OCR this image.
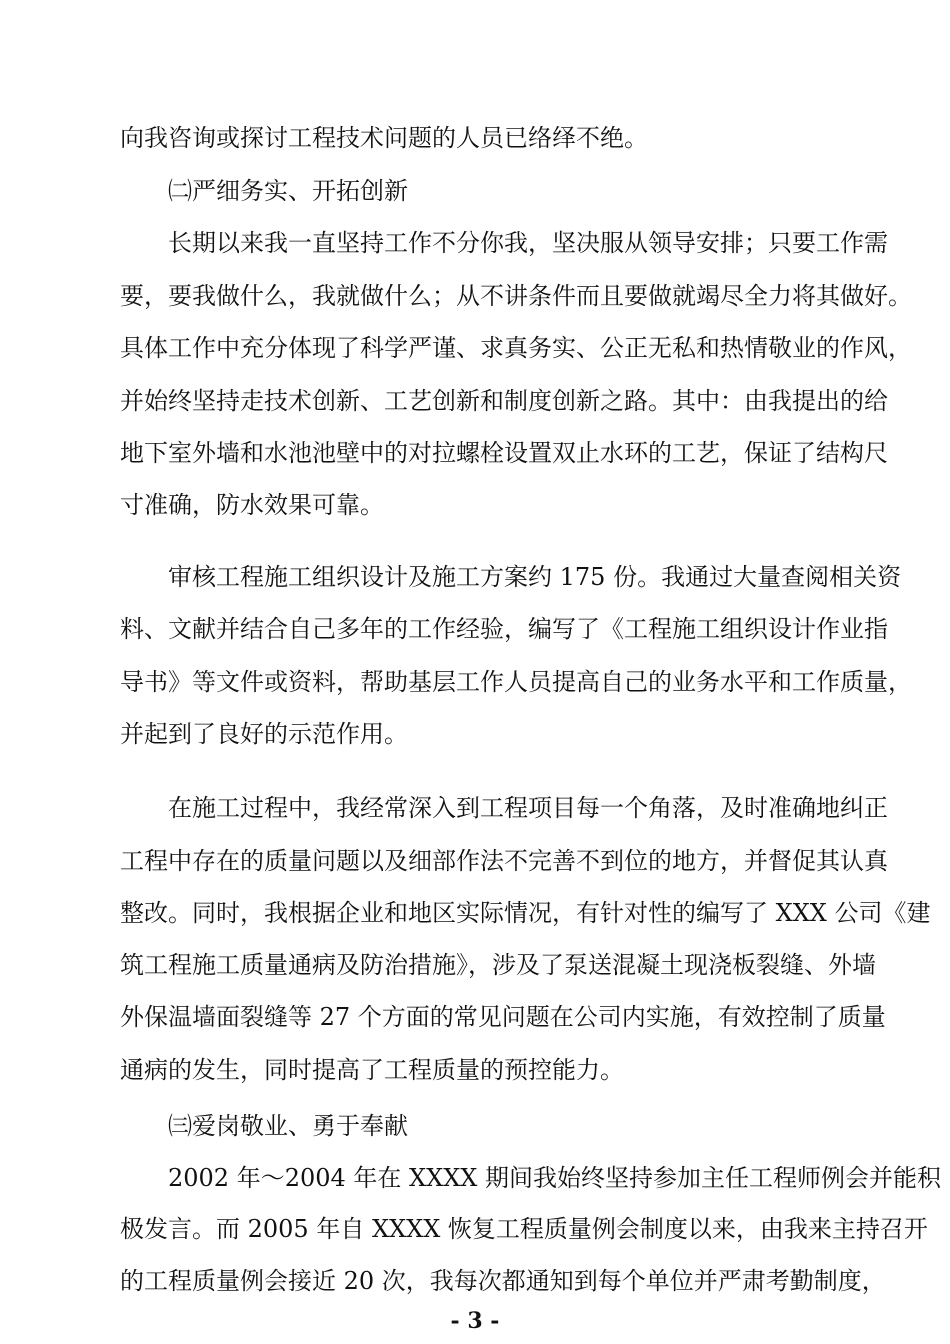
向我咨询或探讨工程技术问题的人员已络绎不绝。
㈡严细务实、开拓创新
长期以来我一直坚持工作不分你我，坚决服从领导安排；只要工作需
要，要我做什么，我就做什么；从不讲条件而且要做就竭尽全力将其做好。
具体工作中充分体现了科学严谨、求真务实、公正无私和热情敬业的作风，
并始终坚持走技术创新、工艺创新和制度创新之路。其中：由我提出的给
地下室外墙和水池池壁中的对拉螺栓设置双止水环的工艺，保证了结构尺
寸准确，防水效果可靠。
审核工程施工组织设计及施工方案约 175 份。我通过大量查阅相关资
料、文献并结合自己多年的工作经验，编写了《工程施工组织设计作业指
导书》等文件或资料，帮助基层工作人员提高自己的业务水平和工作质量，
并起到了良好的示范作用。
在施工过程中，我经常深入到工程项目每一个角落，及时准确地纠正
工程中存在的质量问题以及细部作法不完善不到位的地方，并督促其认真
整改。同时，我根据企业和地区实际情况，有针对性的编写了 XXX 公司《建
筑工程施工质量通病及防治措施》，涉及了泵送混凝土现浇板裂缝、外墙
外保温墙面裂缝等 27 个方面的常见问题在公司内实施，有效控制了质量
通病的发生，同时提高了工程质量的预控能力。
㈢爱岗敬业、勇于奉献
2002 年～2004 年在 XXXX 期间我始终坚持参加主任工程师例会并能积
极发言。而 2005 年自 XXXX 恢复工程质量例会制度以来，由我来主持召开
的工程质量例会接近 20 次，我每次都通知到每个单位并严肃考勤制度，
- 3 -
